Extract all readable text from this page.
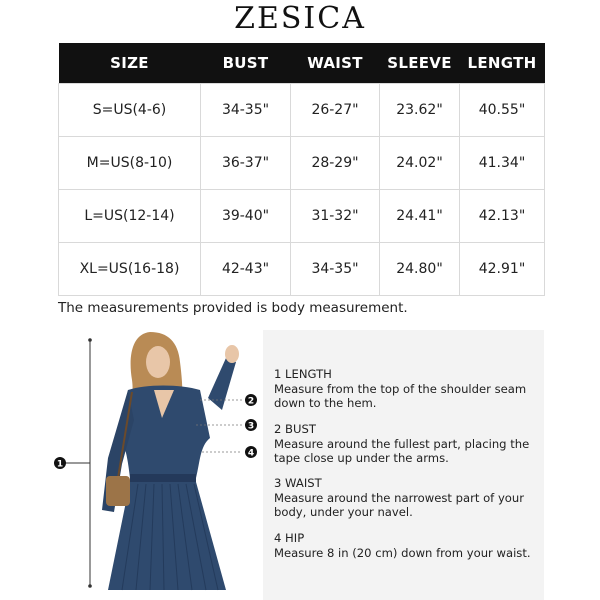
ZESICA
SIZE	BUST	WAIST	SLEEVE	LENGTH
S=US(4-6)	34-35"	26-27"	23.62"	40.55"
M=US(8-10)	36-37"	28-29"	24.02"	41.34"
L=US(12-14)	39-40"	31-32"	24.41"	42.13"
XL=US(16-18)	42-43"	34-35"	24.80"	42.91"
The measurements provided is body measurement.
1
2
3
4
1 LENGTH
Measure from the top of the shoulder seam down to the hem.
2 BUST
Measure around the fullest part, placing the tape close up under the arms.
3 WAIST
Measure around the narrowest part of your body, under your navel.
4 HIP
Measure 8 in (20 cm) down from your waist.
